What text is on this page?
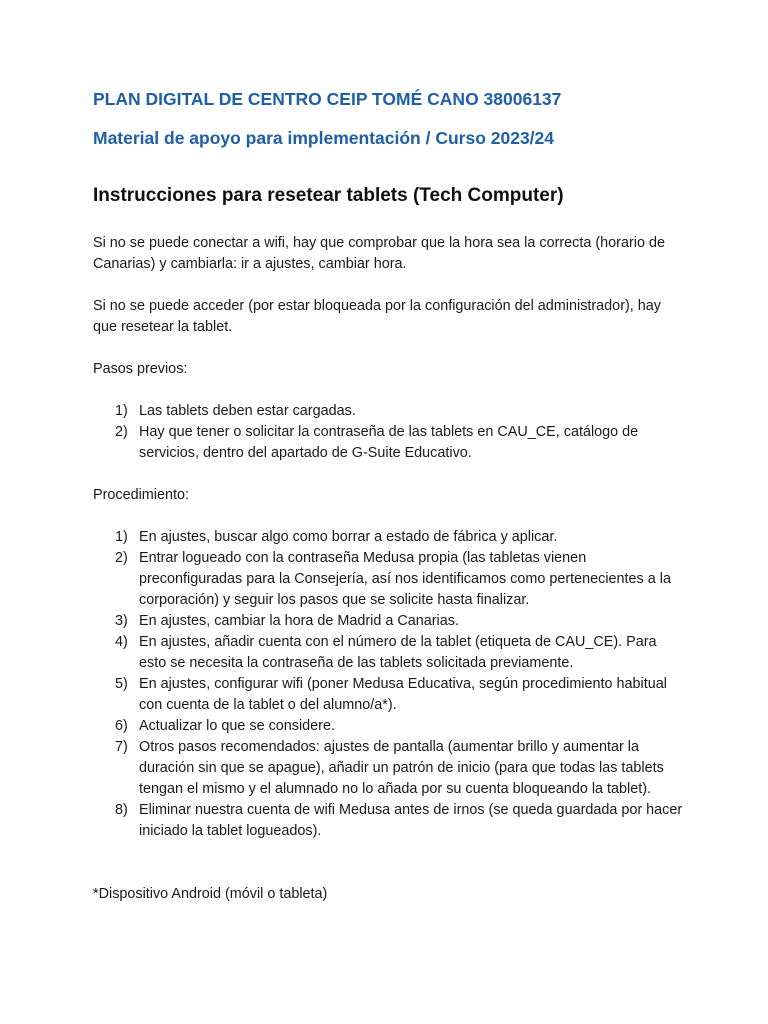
PLAN DIGITAL DE CENTRO CEIP TOMÉ CANO 38006137
Material de apoyo para implementación / Curso 2023/24
Instrucciones para resetear tablets (Tech Computer)

Si no se puede conectar a wifi, hay que comprobar que la hora sea la correcta (horario de Canarias) y cambiarla: ir a ajustes, cambiar hora.

Si no se puede acceder (por estar bloqueada por la configuración del administrador), hay que resetear la tablet.

Pasos previos:

1) Las tablets deben estar cargadas.
2) Hay que tener o solicitar la contraseña de las tablets en CAU_CE, catálogo de servicios, dentro del apartado de G-Suite Educativo.

Procedimiento:

1) En ajustes, buscar algo como borrar a estado de fábrica y aplicar.
2) Entrar logueado con la contraseña Medusa propia (las tabletas vienen preconfiguradas para la Consejería, así nos identificamos como pertenecientes a la corporación) y seguir los pasos que se solicite hasta finalizar.
3) En ajustes, cambiar la hora de Madrid a Canarias.
4) En ajustes, añadir cuenta con el número de la tablet (etiqueta de CAU_CE). Para esto se necesita la contraseña de las tablets solicitada previamente.
5) En ajustes, configurar wifi (poner Medusa Educativa, según procedimiento habitual con cuenta de la tablet o del alumno/a*).
6) Actualizar lo que se considere.
7) Otros pasos recomendados: ajustes de pantalla (aumentar brillo y aumentar la duración sin que se apague), añadir un patrón de inicio (para que todas las tablets tengan el mismo y el alumnado no lo añada por su cuenta bloqueando la tablet).
8) Eliminar nuestra cuenta de wifi Medusa antes de irnos (se queda guardada por hacer iniciado la tablet logueados).

*Dispositivo Android (móvil o tableta)
